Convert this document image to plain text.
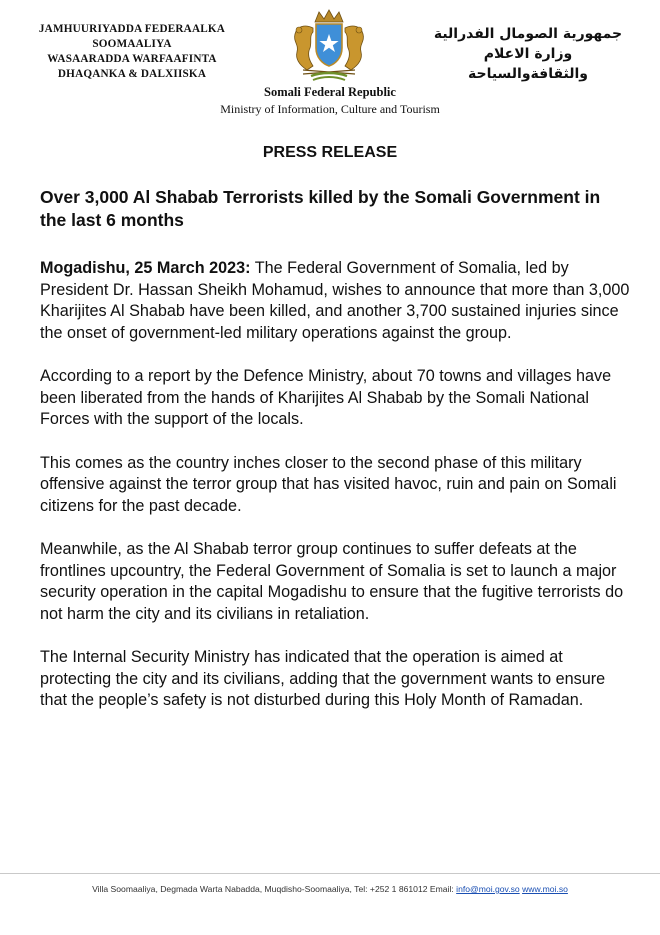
JAMHUURIYADDA FEDERAALKA
SOOMAALIYA
WASAARADDA WARFAAFINTA
DHAQANKA & DALXIISKA
جمهورية الصومال الفدرالية
وزارة الاعلام
والثقافةوالسياحة
Somali Federal Republic
Ministry of Information, Culture and Tourism
PRESS RELEASE
Over 3,000 Al Shabab Terrorists killed by the Somali Government in the last 6 months

Mogadishu, 25 March 2023: The Federal Government of Somalia, led by President Dr. Hassan Sheikh Mohamud, wishes to announce that more than 3,000 Kharijites Al Shabab have been killed, and another 3,700 sustained injuries since the onset of government-led military operations against the group.

According to a report by the Defence Ministry, about 70 towns and villages have been liberated from the hands of Kharijites Al Shabab by the Somali National Forces with the support of the locals.

This comes as the country inches closer to the second phase of this military offensive against the terror group that has visited havoc, ruin and pain on Somali citizens for the past decade.

Meanwhile, as the Al Shabab terror group continues to suffer defeats at the frontlines upcountry, the Federal Government of Somalia is set to launch a major security operation in the capital Mogadishu to ensure that the fugitive terrorists do not harm the city and its civilians in retaliation.

The Internal Security Ministry has indicated that the operation is aimed at protecting the city and its civilians, adding that the government wants to ensure that the people’s safety is not disturbed during this Holy Month of Ramadan.

Villa Soomaaliya, Degmada Warta Nabadda, Muqdisho-Soomaaliya, Tel: +252 1 861012 Email: info@moi.gov.so www.moi.so
